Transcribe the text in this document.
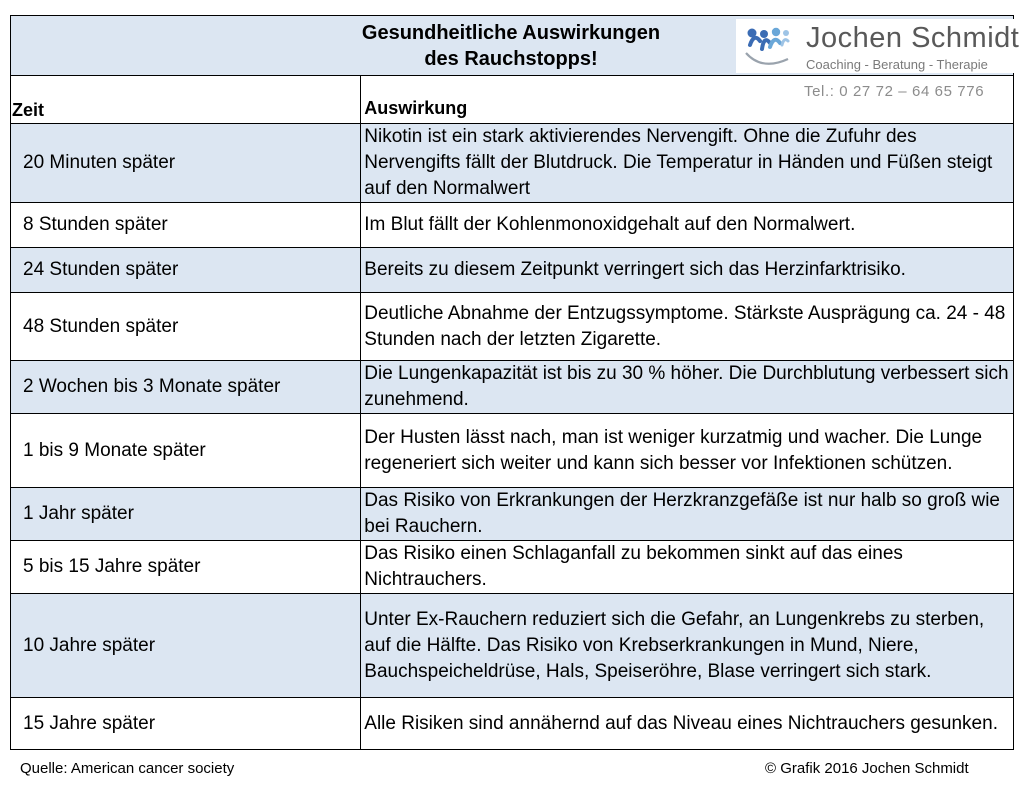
Gesundheitliche Auswirkungen
des Rauchstopps!
Jochen Schmidt
Coaching - Beratung - Therapie
Zeit	Auswirkung
20 Minuten später	Nikotin ist ein stark aktivierendes Nervengift. Ohne die Zufuhr des Nervengifts fällt der Blutdruck. Die Temperatur in Händen und Füßen steigt auf den Normalwert
8 Stunden später	Im Blut fällt der Kohlenmonoxidgehalt auf den Normalwert.
24 Stunden später	Bereits zu diesem Zeitpunkt verringert sich das Herzinfarktrisiko.
48 Stunden später	Deutliche Abnahme der Entzugssymptome. Stärkste Ausprägung ca. 24 - 48 Stunden nach der letzten Zigarette.
2 Wochen bis 3 Monate später	Die Lungenkapazität ist bis zu 30 % höher. Die Durchblutung verbessert sich zunehmend.
1 bis 9 Monate später	Der Husten lässt nach, man ist weniger kurzatmig und wacher. Die Lunge regeneriert sich weiter und kann sich besser vor Infektionen schützen.
1 Jahr später	Das Risiko von Erkrankungen der Herzkranzgefäße ist nur halb so groß wie bei Rauchern.
5 bis 15 Jahre später	Das Risiko einen Schlaganfall zu bekommen sinkt auf das eines Nichtrauchers.
10 Jahre später	Unter Ex-Rauchern reduziert sich die Gefahr, an Lungenkrebs zu sterben, auf die Hälfte. Das Risiko von Krebserkrankungen in Mund, Niere, Bauchspeicheldrüse, Hals, Speiseröhre, Blase verringert sich stark.
15 Jahre später	Alle Risiken sind annähernd auf das Niveau eines Nichtrauchers gesunken.
Tel.: 0 27 72 – 64 65 776
Quelle: American cancer society	© Grafik 2016 Jochen Schmidt
